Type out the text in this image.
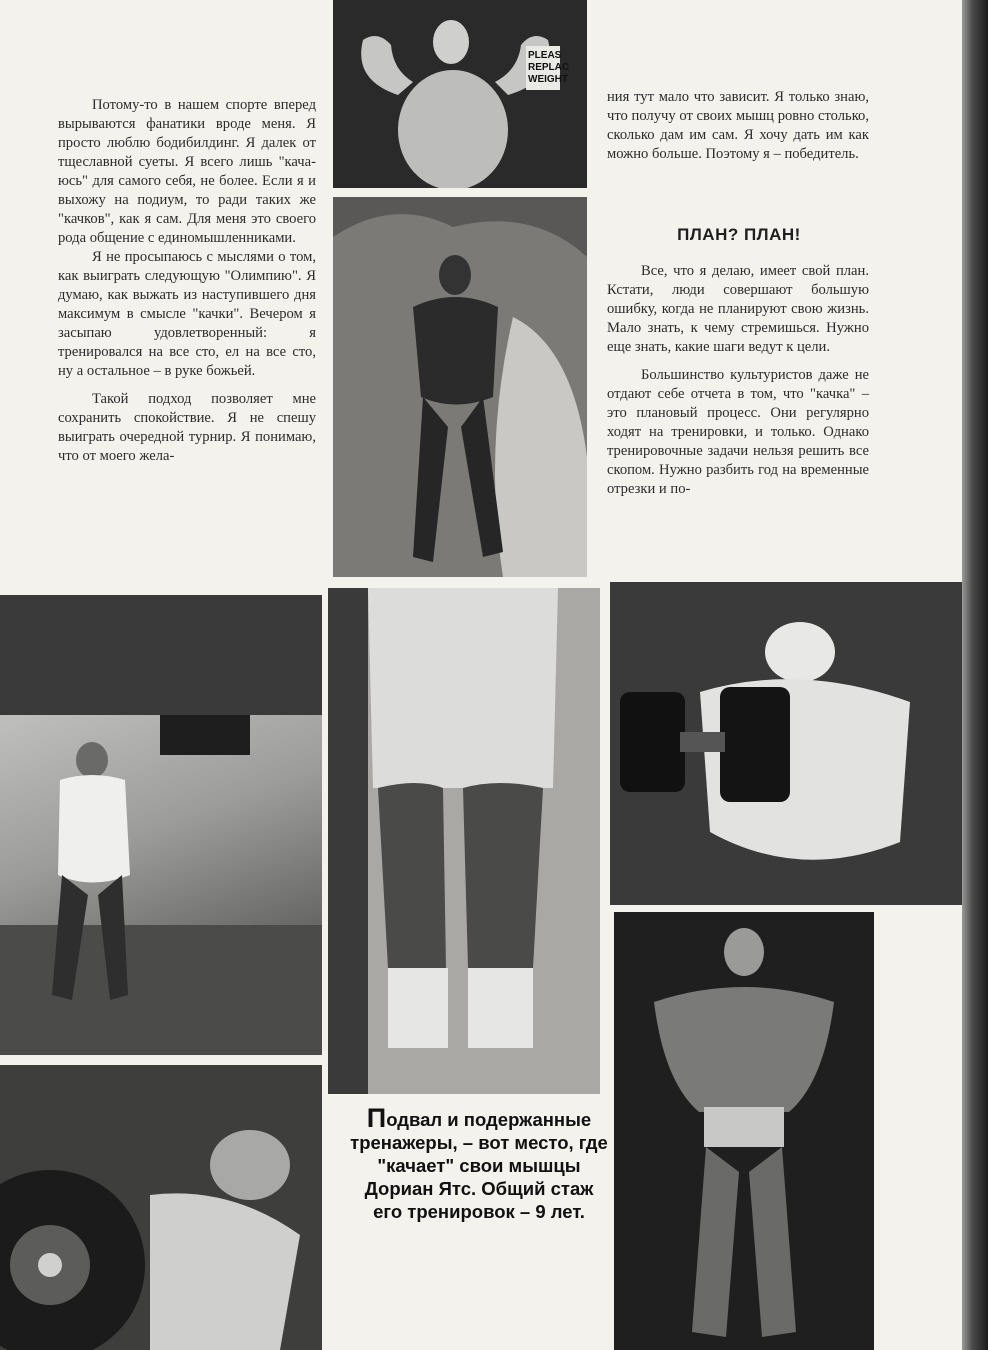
Потому-то в нашем спорте вперед вырываются фанатики вроде меня. Я просто люблю бодибилдинг. Я далек от тщеславной суеты. Я всего лишь "качаюсь" для самого себя, не более. Если я и выхожу на подиум, то ради таких же "качков", как я сам. Для меня это своего рода общение с единомышленниками.

Я не просыпаюсь с мыслями о том, как выиграть следующую "Олимпию". Я думаю, как выжать из наступившего дня максимум в смысле "качки". Вечером я засыпаю удовлетворенный: я тренировался на все сто, ел на все сто, ну а остальное – в руке божьей.

Такой подход позволяет мне сохранить спокойствие. Я не спешу выиграть очередной турнир. Я понимаю, что от моего жела-

ния тут мало что зависит. Я только знаю, что получу от своих мышц ровно столько, сколько дам им сам. Я хочу дать им как можно больше. Поэтому я – победитель.

ПЛАН? ПЛАН!

Все, что я делаю, имеет свой план. Кстати, люди совершают большую ошибку, когда не планируют свою жизнь. Мало знать, к чему стремишься. Нужно еще знать, какие шаги ведут к цели.

Большинство культуристов даже не отдают себе отчета в том, что "качка" – это плановый процесс. Они регулярно ходят на тренировки, и только. Однако тренировочные задачи нельзя решить все скопом. Нужно разбить год на временные отрезки и по-

PLEAS REPLAC WEIGHT
Подвал и подержанные тренажеры, – вот место, где "качает" свои мышцы Дориан Ятс. Общий стаж его тренировок – 9 лет.
